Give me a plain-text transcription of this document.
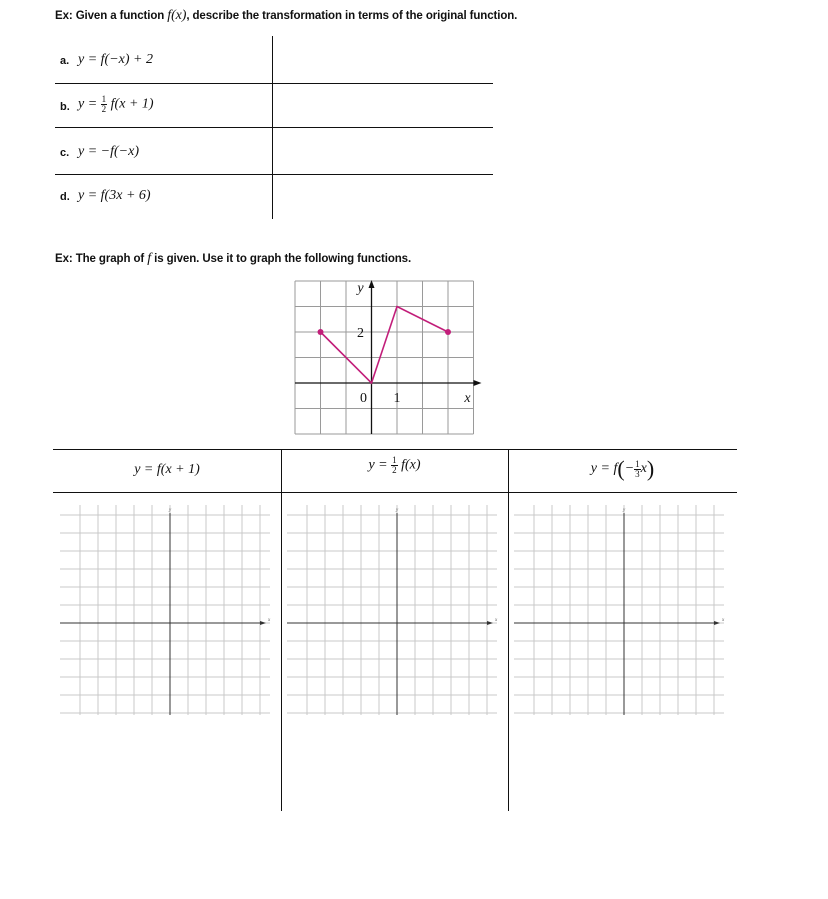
Ex: Given a function f(x), describe the transformation in terms of the original function.
a. y = f(−x) + 2
b. $y = \frac{1}{2} f(x + 1)$
c. y = −f(−x)
d. y = f(3x + 6)
Ex: The graph of f is given. Use it to graph the following functions.
y
x
2
0 1
y = f(x + 1)	$y = \frac{1}{2} f(x)$	$y = f(- \frac{1}{3} x)$
x
y
x
y
x
y
